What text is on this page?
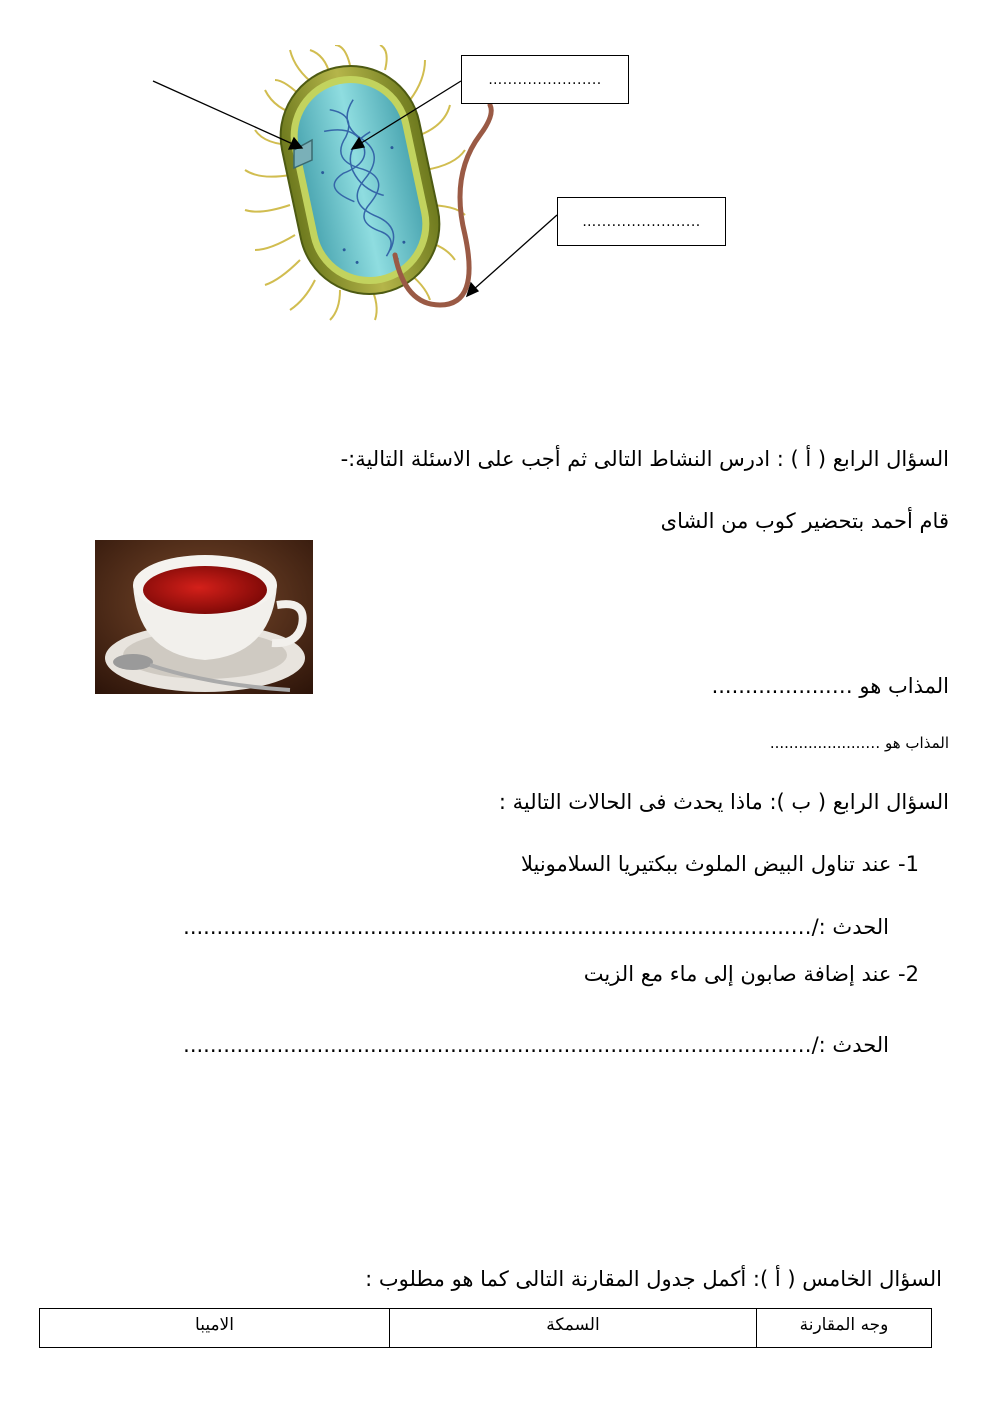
…....................
….....................
السؤال الرابع ( أ ) : ادرس النشاط التالى ثم أجب على الاسئلة التالية:-
قام أحمد بتحضير كوب من الشاى
المذاب هو …..................
المذاب هو …....................
السؤال الرابع ( ب ): ماذا يحدث فى الحالات التالية :
1- عند تناول البيض الملوث ببكتيريا السلامونيلا
الحدث :/…...........................................................................................
2- عند إضافة صابون إلى ماء مع الزيت
الحدث :/…...........................................................................................
السؤال الخامس ( أ ): أكمل جدول المقارنة التالى كما هو مطلوب :
وجه المقارنة	السمكة	الاميبا
